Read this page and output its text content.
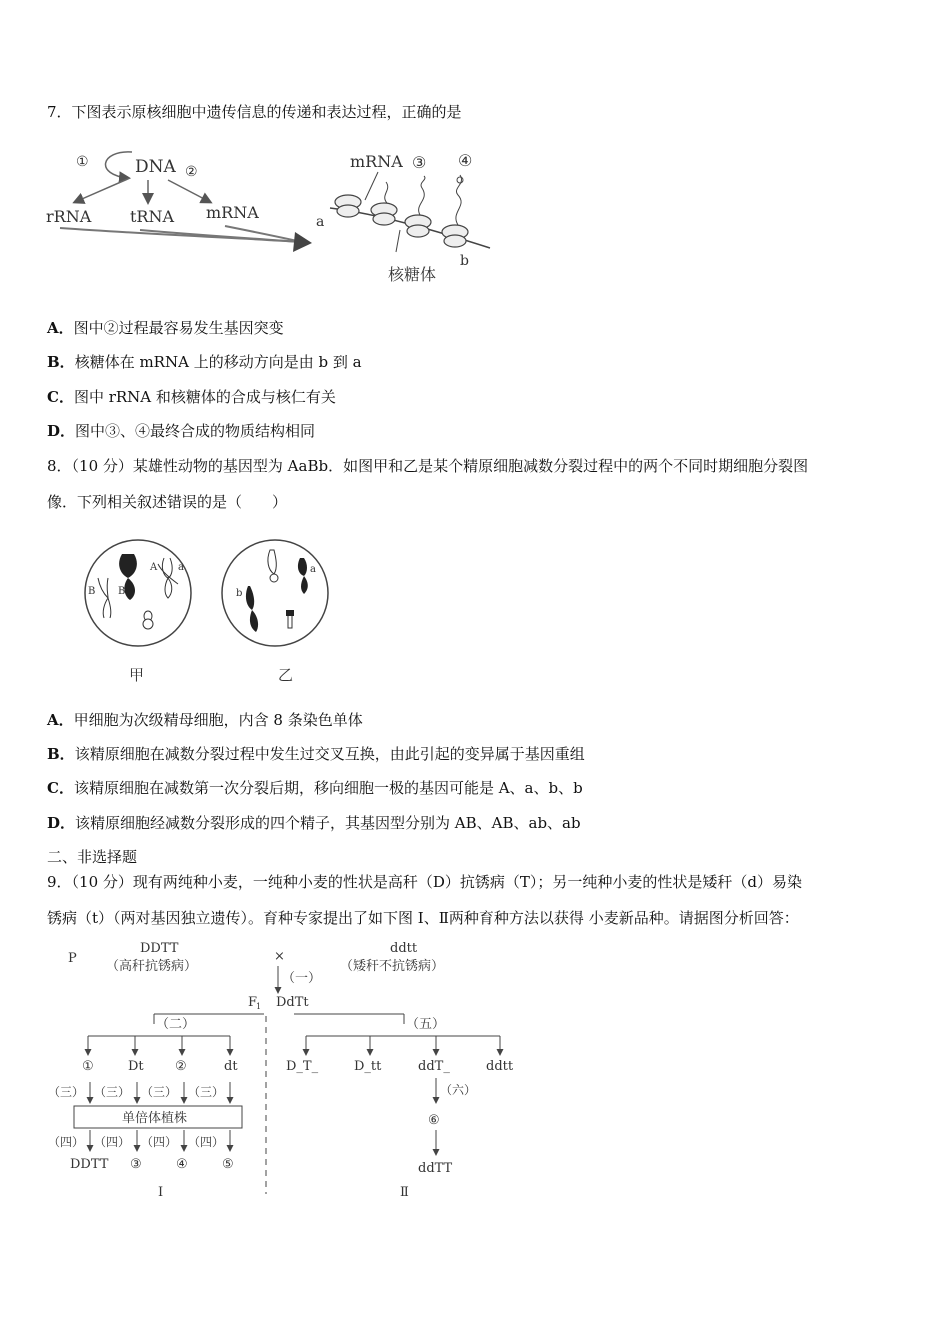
7．下图表示原核细胞中遗传信息的传递和表达过程，正确的是
①	DNA ②
rRNA tRNA mRNA	a
mRNA ③ ④
核糖体
b
A．图中②过程最容易发生基因突变
B．核糖体在 mRNA 上的移动方向是由 b 到 a
C．图中 rRNA 和核糖体的合成与核仁有关
D．图中③、④最终合成的物质结构相同
8．（10 分）某雄性动物的基因型为 AaBb．如图甲和乙是某个精原细胞减数分裂过程中的两个不同时期细胞分裂图
像．下列相关叙述错误的是（　　）
B B
A a
甲
b
a
乙
A．甲细胞为次级精母细胞，内含 8 条染色单体
B．该精原细胞在减数分裂过程中发生过交叉互换，由此引起的变异属于基因重组
C．该精原细胞在减数第一次分裂后期，移向细胞一极的基因可能是 A、a、b、b
D．该精原细胞经减数分裂形成的四个精子，其基因型分别为 AB、AB、ab、ab
二、非选择题
9．（10 分）现有两纯种小麦，一纯种小麦的性状是高秆（D）抗锈病（T）；另一纯种小麦的性状是矮秆（d）易染
锈病（t）（两对基因独立遗传）。育种专家提出了如下图 I、Ⅱ两种育种方法以获得 小麦新品种。请据图分析回答：
P
DDTT
（高秆抗锈病）
×
ddtt
（矮秆不抗锈病）
（一）
F
1 DdTt
（二）
①	Dt ②	dt
（三） （三） （三） （三）
单倍体植株
（四） （四） （四） （四）
DDTT ③	④	⑤
Ⅰ
（五）
D_T_	D_tt	ddT_	ddtt
（六）
⑥
ddTT
Ⅱ
